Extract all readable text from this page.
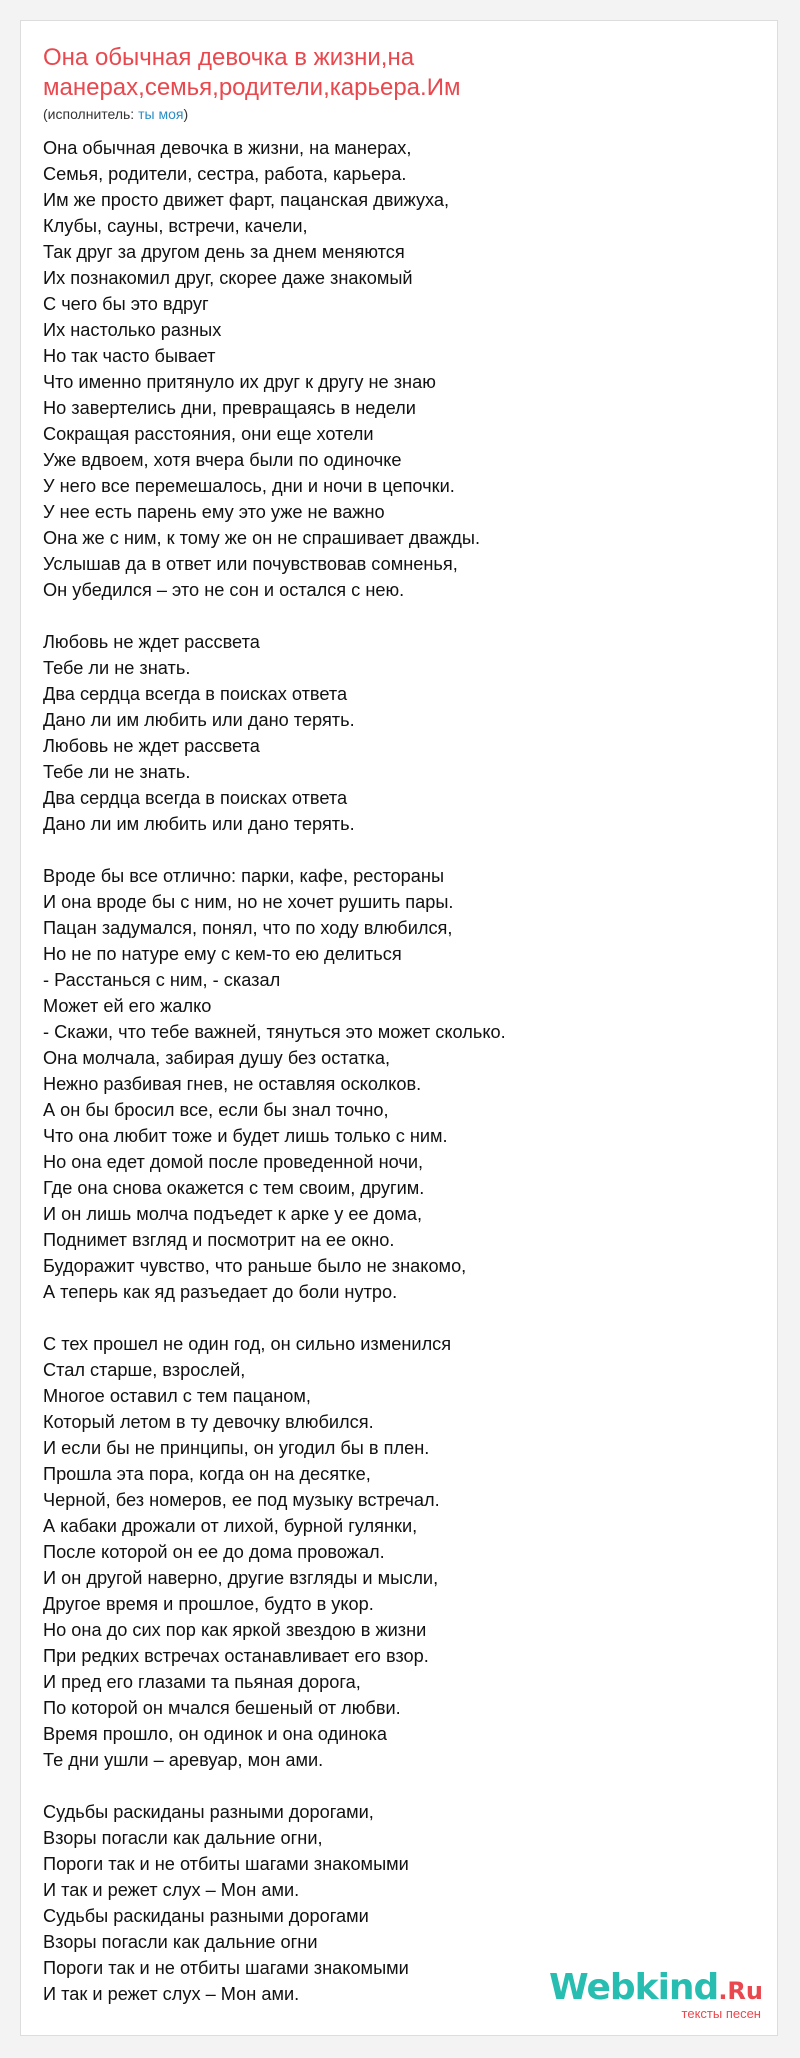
Она обычная девочка в жизни,на
манерах,семья,родители,карьера.Им
(исполнитель: ты моя)
Она обычная девочка в жизни, на манерах,
Семья, родители, сестра, работа, карьера.
Им же просто движет фарт, пацанская движуха,
Клубы, сауны, встречи, качели,
Так друг за другом день за днем меняются
Их познакомил друг, скорее даже знакомый
С чего бы это вдруг
Их настолько разных
Но так часто бывает
Что именно притянуло их друг к другу не знаю
Но завертелись дни, превращаясь в недели
Сокращая расстояния, они еще хотели
Уже вдвоем, хотя вчера были по одиночке
У него все перемешалось, дни и ночи в цепочки.
У нее есть парень ему это уже не важно
Она же с ним, к тому же он не спрашивает дважды.
Услышав да в ответ или почувствовав сомненья,
Он убедился – это не сон и остался с нею.
Любовь не ждет рассвета
Тебе ли не знать.
Два сердца всегда в поисках ответа
Дано ли им любить или дано терять.
Любовь не ждет рассвета
Тебе ли не знать.
Два сердца всегда в поисках ответа
Дано ли им любить или дано терять.
Вроде бы все отлично: парки, кафе, рестораны
И она вроде бы с ним, но не хочет рушить пары.
Пацан задумался, понял, что по ходу влюбился,
Но не по натуре ему с кем-то ею делиться
- Расстанься с ним, - сказал
Может ей его жалко
- Скажи, что тебе важней, тянуться это может сколько.
Она молчала, забирая душу без остатка,
Нежно разбивая гнев, не оставляя осколков.
А он бы бросил все, если бы знал точно,
Что она любит тоже и будет лишь только с ним.
Но она едет домой после проведенной ночи,
Где она снова окажется с тем своим, другим.
И он лишь молча подъедет к арке у ее дома,
Поднимет взгляд и посмотрит на ее окно.
Будоражит чувство, что раньше было не знакомо,
А теперь как яд разъедает до боли нутро.
С тех прошел не один год, он сильно изменился
Стал старше, взрослей,
Многое оставил с тем пацаном,
Который летом в ту девочку влюбился.
И если бы не принципы, он угодил бы в плен.
Прошла эта пора, когда он на десятке,
Черной, без номеров, ее под музыку встречал.
А кабаки дрожали от лихой, бурной гулянки,
После которой он ее до дома провожал.
И он другой наверно, другие взгляды и мысли,
Другое время и прошлое, будто в укор.
Но она до сих пор как яркой звездою в жизни
При редких встречах останавливает его взор.
И пред его глазами та пьяная дорога,
По которой он мчался бешеный от любви.
Время прошло, он одинок и она одинока
Те дни ушли – аревуар, мон ами.
Судьбы раскиданы разными дорогами,
Взоры погасли как дальние огни,
Пороги так и не отбиты шагами знакомыми
И так и режет слух – Мон ами.
Судьбы раскиданы разными дорогами
Взоры погасли как дальние огни
Пороги так и не отбиты шагами знакомыми
И так и режет слух – Мон ами.	Webkind.Ru
тексты песен
